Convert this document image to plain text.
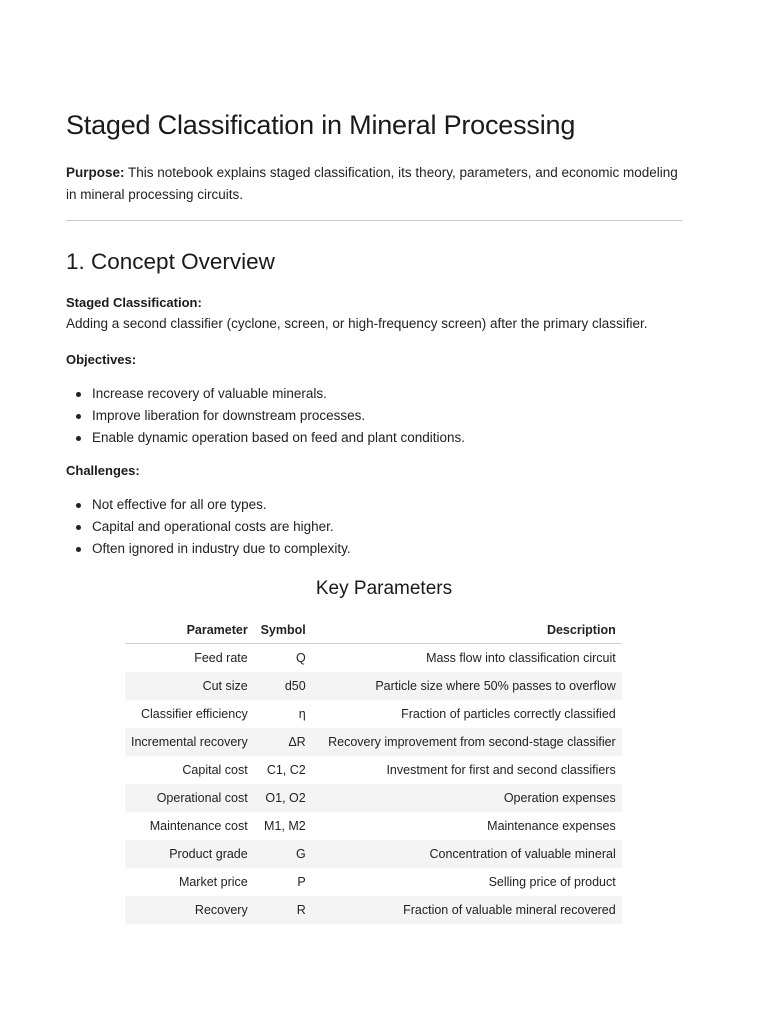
Staged Classification in Mineral Processing

Purpose: This notebook explains staged classification, its theory, parameters, and economic modeling in mineral processing circuits.

1. Concept Overview
Staged Classification:
Adding a second classifier (cyclone, screen, or high-frequency screen) after the primary classifier.
Objectives:
Increase recovery of valuable minerals.
Improve liberation for downstream processes.
Enable dynamic operation based on feed and plant conditions.
Challenges:
Not effective for all ore types.
Capital and operational costs are higher.
Often ignored in industry due to complexity.
Key Parameters
Parameter	Symbol	Description
Feed rate	Q	Mass flow into classification circuit
Cut size	d50	Particle size where 50% passes to overflow
Classifier efficiency	η	Fraction of particles correctly classified
Incremental recovery	ΔR	Recovery improvement from second-stage classifier
Capital cost	C1, C2	Investment for first and second classifiers
Operational cost	O1, O2	Operation expenses
Maintenance cost	M1, M2	Maintenance expenses
Product grade	G	Concentration of valuable mineral
Market price	P	Selling price of product
Recovery	R	Fraction of valuable mineral recovered
